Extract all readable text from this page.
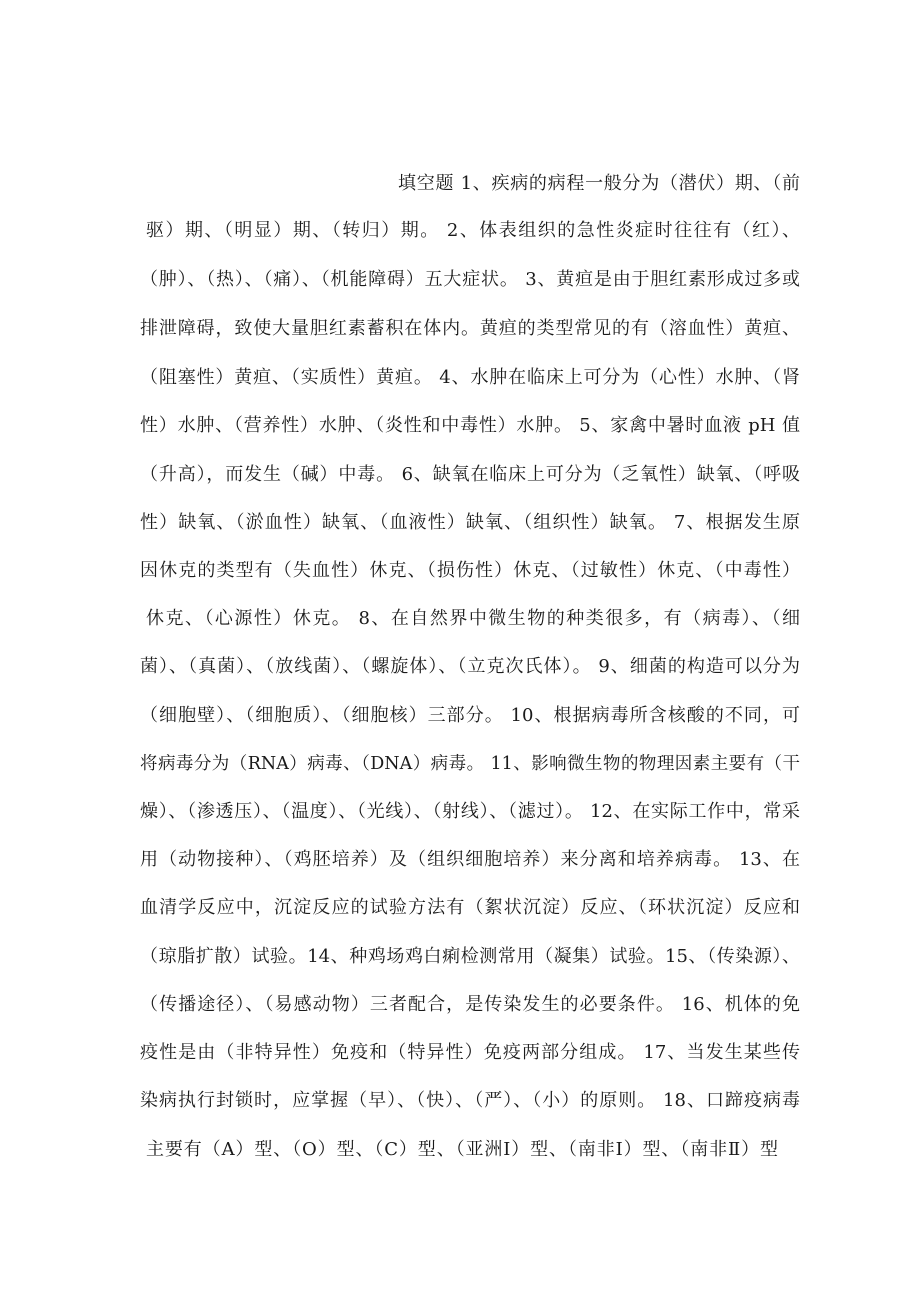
填空题 1、疾病的病程一般分为（潜伏）期、（前
驱）期、（明显）期、（转归）期。 2、体表组织的急性炎症时往往有（红）、
（肿）、（热）、（痛）、（机能障碍）五大症状。 3、黄疸是由于胆红素形成过多或
排泄障碍，致使大量胆红素蓄积在体内。黄疸的类型常见的有（溶血性）黄疸、
（阻塞性）黄疸、（实质性）黄疸。 4、水肿在临床上可分为（心性）水肿、（肾
性）水肿、（营养性）水肿、（炎性和中毒性）水肿。 5、家禽中暑时血液 pH 值
（升高），而发生（碱）中毒。 6、缺氧在临床上可分为（乏氧性）缺氧、（呼吸
性）缺氧、（淤血性）缺氧、（血液性）缺氧、（组织性）缺氧。 7、根据发生原
因休克的类型有（失血性）休克、（损伤性）休克、（过敏性）休克、（中毒性）
休克、（心源性）休克。 8、在自然界中微生物的种类很多，有（病毒）、（细
菌）、（真菌）、（放线菌）、（螺旋体）、（立克次氏体）。 9、细菌的构造可以分为
（细胞壁）、（细胞质）、（细胞核）三部分。 10、根据病毒所含核酸的不同，可
将病毒分为（RNA）病毒、（DNA）病毒。 11、影响微生物的物理因素主要有（干
燥）、（渗透压）、（温度）、（光线）、（射线）、（滤过）。 12、在实际工作中，常采
用（动物接种）、（鸡胚培养）及（组织细胞培养）来分离和培养病毒。 13、在
血清学反应中，沉淀反应的试验方法有（絮状沉淀）反应、（环状沉淀）反应和
（琼脂扩散）试验。14、种鸡场鸡白痢检测常用（凝集）试验。15、（传染源）、
（传播途径）、（易感动物）三者配合，是传染发生的必要条件。 16、机体的免
疫性是由（非特异性）免疫和（特异性）免疫两部分组成。 17、当发生某些传
染病执行封锁时，应掌握（早）、（快）、（严）、（小）的原则。 18、口蹄疫病毒
主要有（A）型、（O）型、（C）型、（亚洲Ⅰ）型、（南非Ⅰ）型、（南非Ⅱ）型
